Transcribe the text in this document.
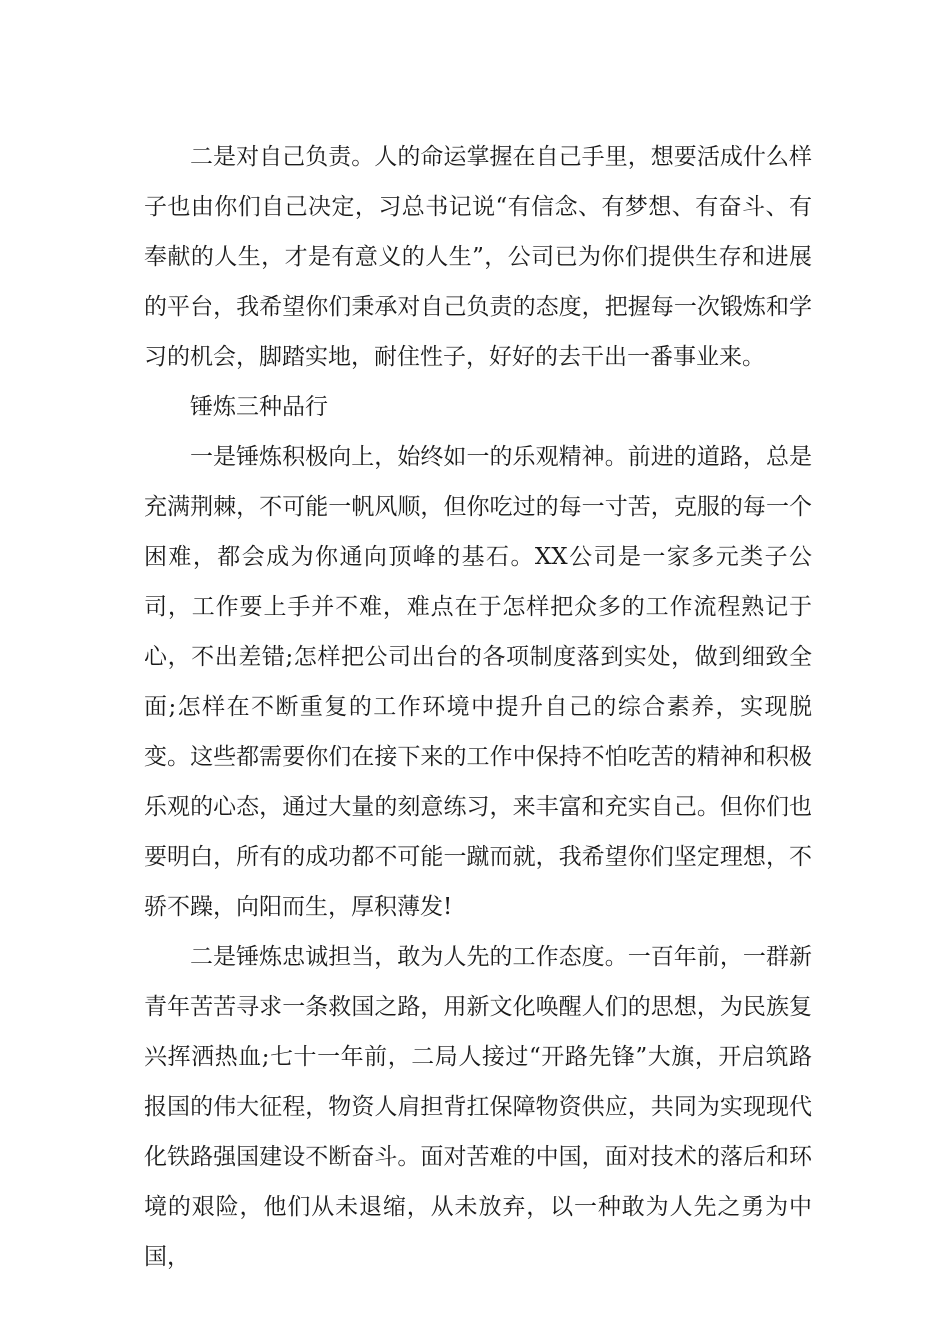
二是对自己负责。人的命运掌握在自己手里，想要活成什么样子也由你们自己决定，习总书记说“有信念、有梦想、有奋斗、有奉献的人生，才是有意义的人生”，公司已为你们提供生存和进展的平台，我希望你们秉承对自己负责的态度，把握每一次锻炼和学习的机会，脚踏实地，耐住性子，好好的去干出一番事业来。

锤炼三种品行

一是锤炼积极向上，始终如一的乐观精神。前进的道路，总是充满荆棘，不可能一帆风顺，但你吃过的每一寸苦，克服的每一个困难，都会成为你通向顶峰的基石。XX公司是一家多元类子公司，工作要上手并不难，难点在于怎样把众多的工作流程熟记于心，不出差错;怎样把公司出台的各项制度落到实处，做到细致全面;怎样在不断重复的工作环境中提升自己的综合素养，实现脱变。这些都需要你们在接下来的工作中保持不怕吃苦的精神和积极乐观的心态，通过大量的刻意练习，来丰富和充实自己。但你们也要明白，所有的成功都不可能一蹴而就，我希望你们坚定理想，不骄不躁，向阳而生，厚积薄发!

二是锤炼忠诚担当，敢为人先的工作态度。一百年前，一群新青年苦苦寻求一条救国之路，用新文化唤醒人们的思想，为民族复兴挥洒热血;七十一年前，二局人接过“开路先锋”大旗，开启筑路报国的伟大征程，物资人肩担背扛保障物资供应，共同为实现现代化铁路强国建设不断奋斗。面对苦难的中国，面对技术的落后和环境的艰险，他们从未退缩，从未放弃，以一种敢为人先之勇为中国，
